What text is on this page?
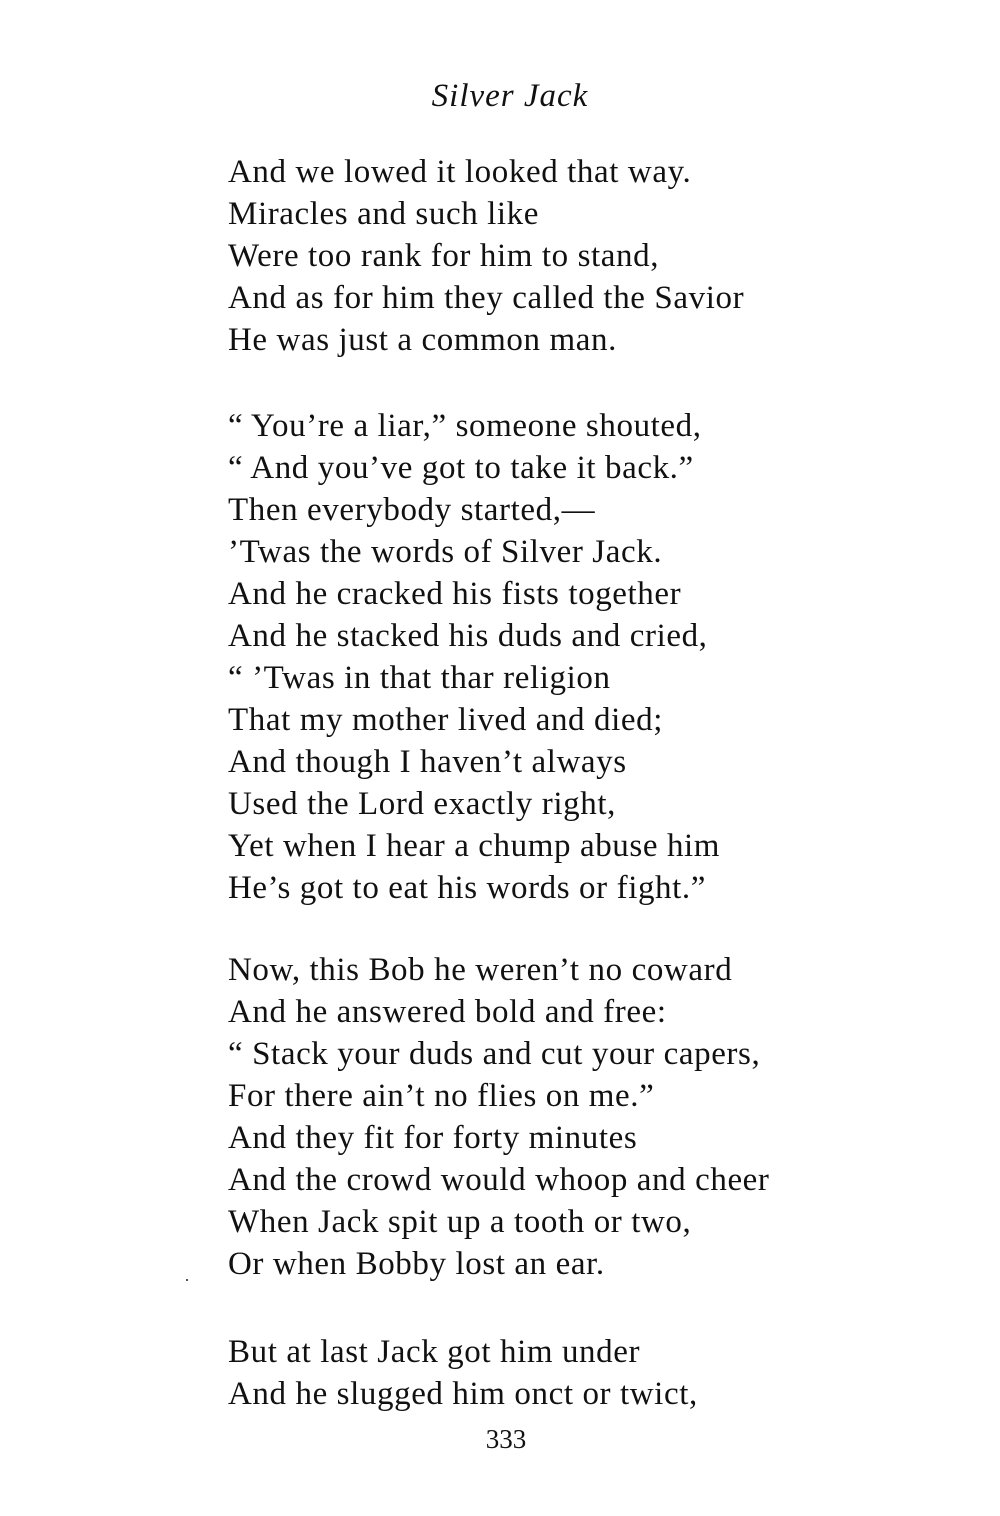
Silver Jack
And we lowed it looked that way.
Miracles and such like
Were too rank for him to stand,
And as for him they called the Savior
He was just a common man.
“ You’re a liar,” someone shouted,
“ And you’ve got to take it back.”
Then everybody started,—
’Twas the words of Silver Jack.
And he cracked his fists together
And he stacked his duds and cried,
“ ’Twas in that thar religion
That my mother lived and died;
And though I haven’t always
Used the Lord exactly right,
Yet when I hear a chump abuse him
He’s got to eat his words or fight.”
Now, this Bob he weren’t no coward
And he answered bold and free:
“ Stack your duds and cut your capers,
For there ain’t no flies on me.”
And they fit for forty minutes
And the crowd would whoop and cheer
When Jack spit up a tooth or two,
Or when Bobby lost an ear.
But at last Jack got him under
And he slugged him onct or twict,
333
